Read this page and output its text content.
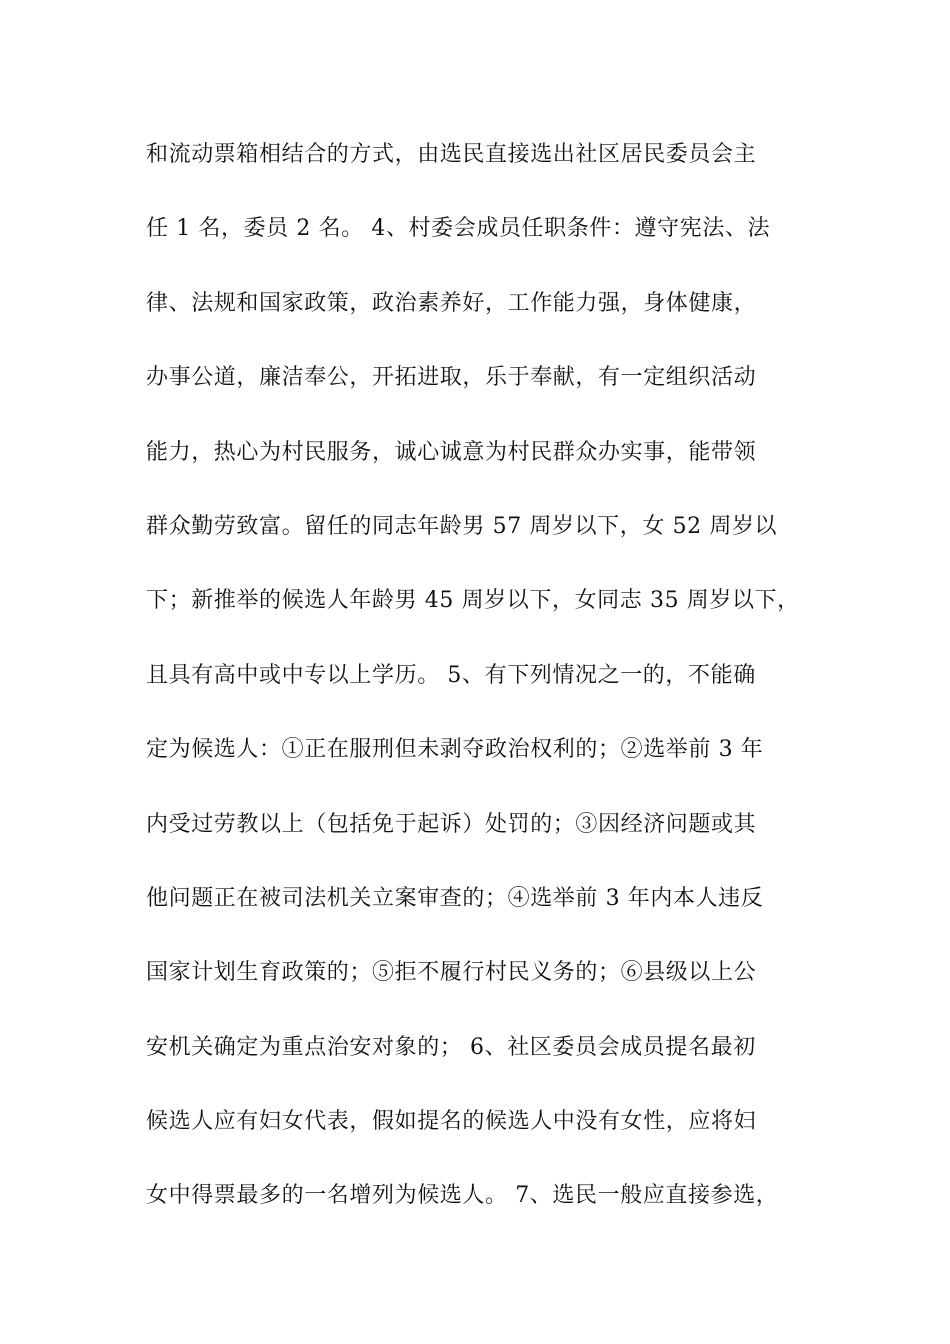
和流动票箱相结合的方式，由选民直接选出社区居民委员会主
任 1 名，委员 2 名。 4、村委会成员任职条件：遵守宪法、法
律、法规和国家政策，政治素养好，工作能力强，身体健康，
办事公道，廉洁奉公，开拓进取，乐于奉献，有一定组织活动
能力，热心为村民服务，诚心诚意为村民群众办实事，能带领
群众勤劳致富。留任的同志年龄男 57 周岁以下，女 52 周岁以
下；新推举的候选人年龄男 45 周岁以下，女同志 35 周岁以下，
且具有高中或中专以上学历。 5、有下列情况之一的，不能确
定为候选人：①正在服刑但未剥夺政治权利的；②选举前 3 年
内受过劳教以上（包括免于起诉）处罚的；③因经济问题或其
他问题正在被司法机关立案审查的；④选举前 3 年内本人违反
国家计划生育政策的；⑤拒不履行村民义务的；⑥县级以上公
安机关确定为重点治安对象的； 6、社区委员会成员提名最初
候选人应有妇女代表，假如提名的候选人中没有女性，应将妇
女中得票最多的一名增列为候选人。 7、选民一般应直接参选，
